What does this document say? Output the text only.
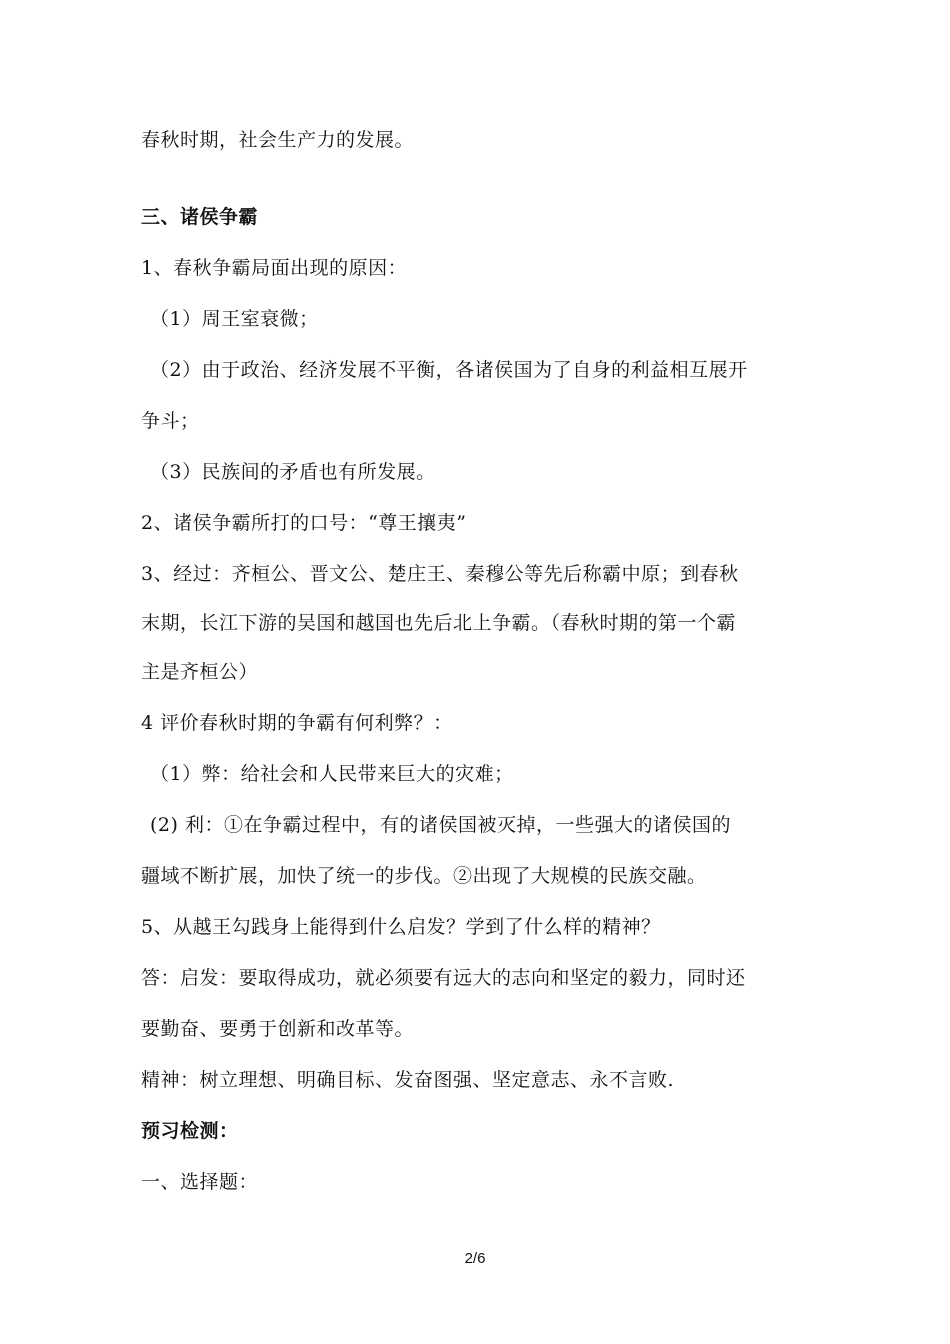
春秋时期，社会生产力的发展。
三、诸侯争霸
1、春秋争霸局面出现的原因：
（1）周王室衰微；
（2）由于政治、经济发展不平衡，各诸侯国为了自身的利益相互展开
争斗；
（3）民族间的矛盾也有所发展。
2、诸侯争霸所打的口号：“尊王攘夷”
3、经过：齐桓公、晋文公、楚庄王、秦穆公等先后称霸中原；到春秋
末期，长江下游的吴国和越国也先后北上争霸。（春秋时期的第一个霸
主是齐桓公）
4 评价春秋时期的争霸有何利弊？：
（1）弊：给社会和人民带来巨大的灾难；
(2) 利：①在争霸过程中，有的诸侯国被灭掉，一些强大的诸侯国的
疆域不断扩展，加快了统一的步伐。②出现了大规模的民族交融。
5、从越王勾践身上能得到什么启发？学到了什么样的精神？
答：启发：要取得成功，就必须要有远大的志向和坚定的毅力，同时还
要勤奋、要勇于创新和改革等。
精神：树立理想、明确目标、发奋图强、坚定意志、永不言败.
预习检测：
一、选择题：
2/6
